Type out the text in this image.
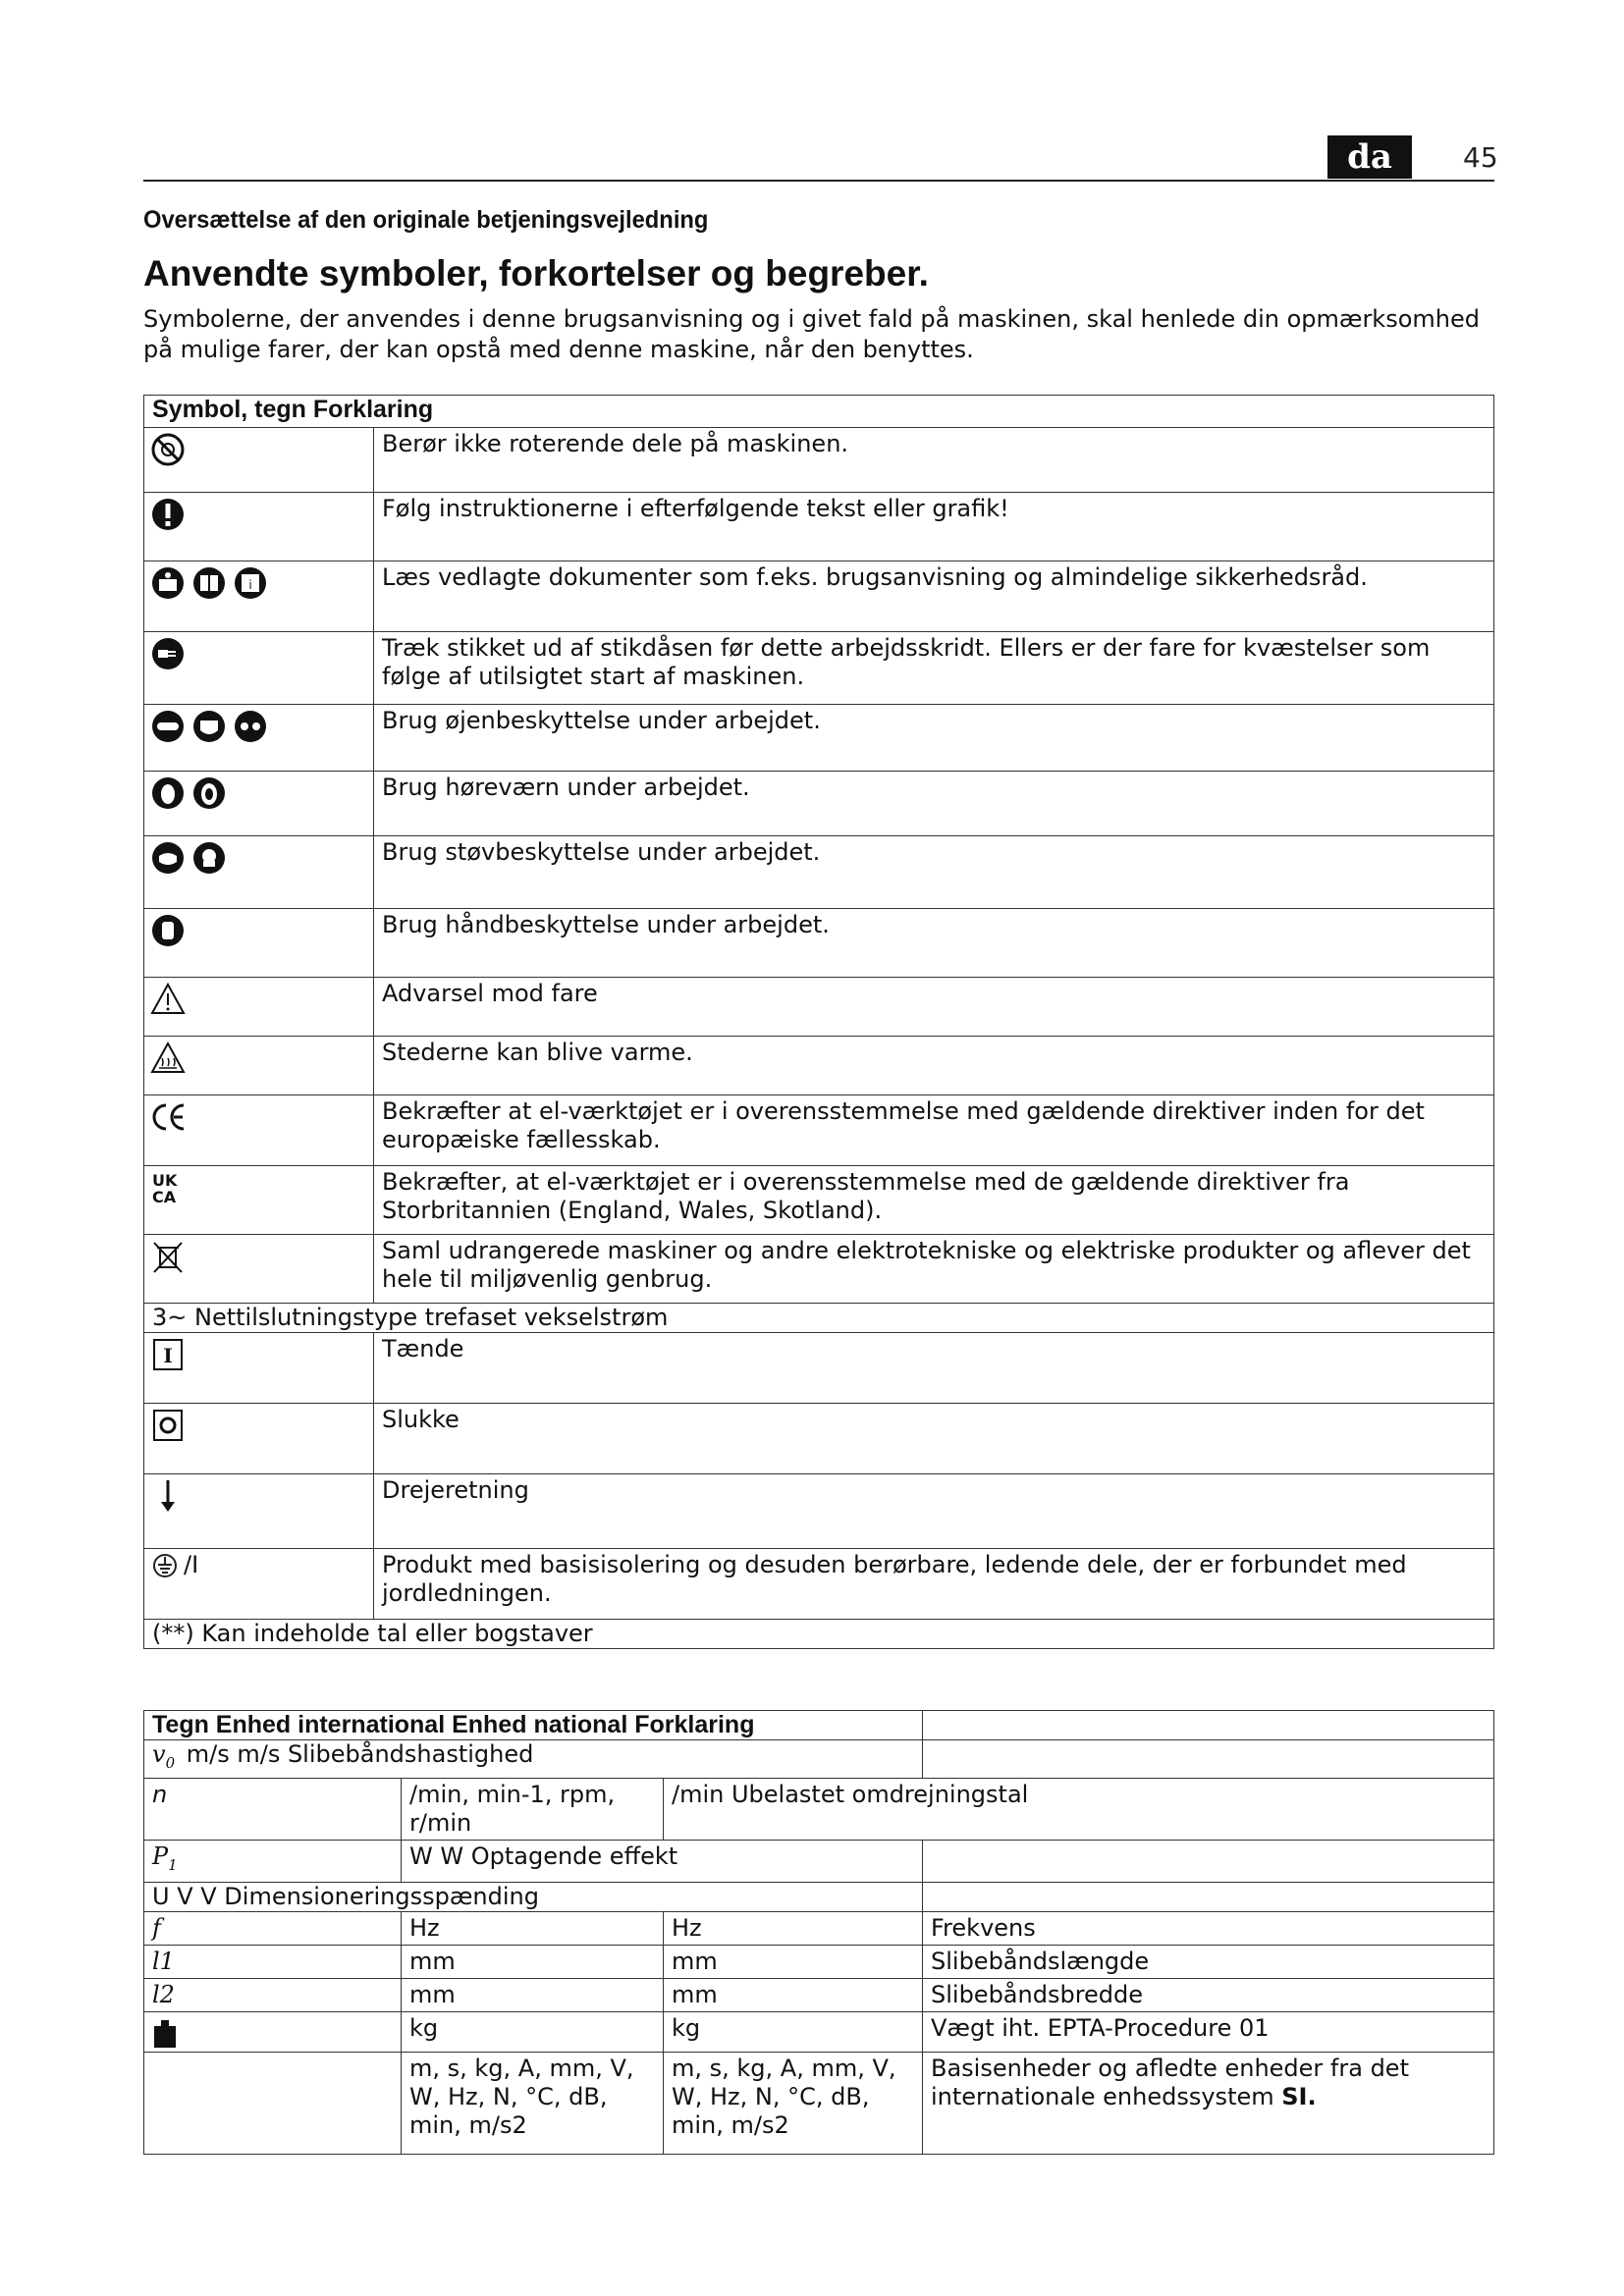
da	45
Oversættelse af den originale betjeningsvejledning
Anvendte symboler, forkortelser og begreber.
Symbolerne, der anvendes i denne brugsanvisning og i givet fald på maskinen, skal henlede din opmærksomhed på mulige farer, der kan opstå med denne maskine, når den benyttes.
Symbol, tegn Forklaring	
	Berør ikke roterende dele på maskinen.
	Følg instruktionerne i efterfølgende tekst eller grafik!

i	Læs vedlagte dokumenter som f.eks. brugsanvisning og almindelige sikkerhedsråd.
	Træk stikket ud af stikdåsen før dette arbejdsskridt. Ellers er der fare for kvæstelser som følge af utilsigtet start af maskinen.
	Brug øjenbeskyttelse under arbejdet.
	Brug høreværn under arbejdet.
	Brug støvbeskyttelse under arbejdet.
	Brug håndbeskyttelse under arbejdet.
	Advarsel mod fare
	Stederne kan blive varme.
	Bekræfter at el-værktøjet er i overensstemmelse med gældende direktiver inden for det europæiske fællesskab.

UK
CA	Bekræfter, at el-værktøjet er i overensstemmelse med de gældende direktiver fra Storbritannien (England, Wales, Skotland).
	Saml udrangerede maskiner og andre elektrotekniske og elektriske produkter og aflever det hele til miljøvenlig genbrug.
3~ Nettilslutningstype trefaset vekselstrøm	

I	Tænde
	Slukke
	Drejeretning
/I	Produkt med basisisolering og desuden berørbare, ledende dele, der er forbundet med jordledningen.
(**) Kan indeholde tal eller bogstaver	
Tegn Enhed international Enhed national Forklaring			
$v_0$ m/s m/s Slibebåndshastighed			
n	/min, min-1, rpm, r/min	/min Ubelastet omdrejningstal	
$P_1$	W W Optagende effekt		
U V V Dimensioneringsspænding			
f	Hz	Hz	Frekvens
l1	mm	mm	Slibebåndslængde
l2	mm	mm	Slibebåndsbredde
	kg	kg	Vægt iht. EPTA-Procedure 01
	m, s, kg, A, mm, V, W, Hz, N, °C, dB, min, m/s2	m, s, kg, A, mm, V, W, Hz, N, °C, dB, min, m/s2	Basisenheder og afledte enheder fra det internationale enhedssystem SI.
